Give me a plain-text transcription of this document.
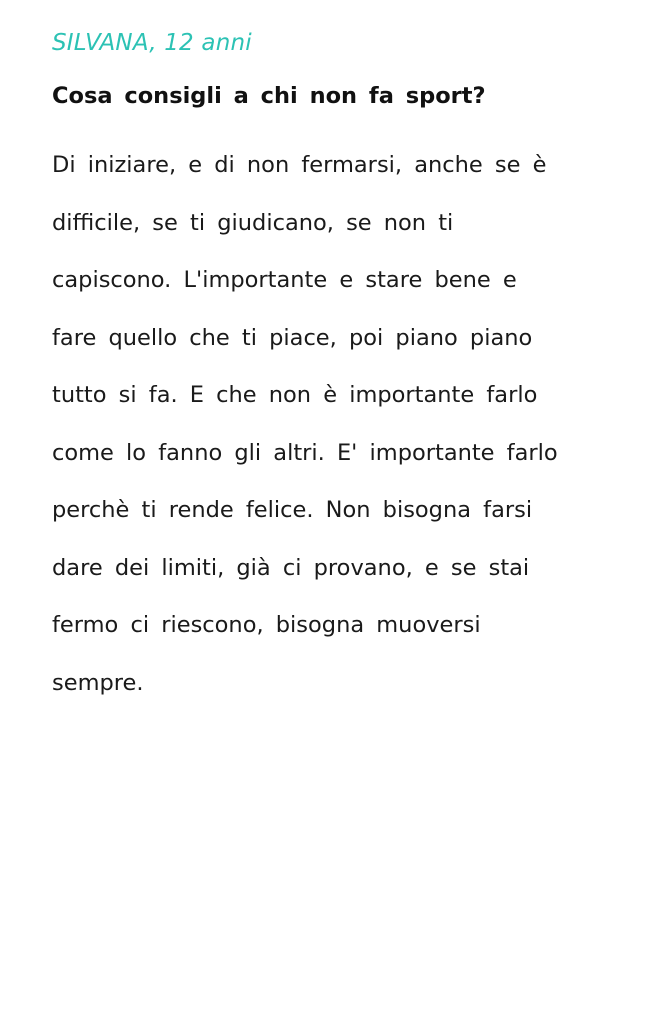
SILVANA, 12 anni
Cosa consigli a chi non fa sport?
Di iniziare, e di non fermarsi, anche se è
difficile, se ti giudicano, se non ti
capiscono. L'importante e stare bene e
fare quello che ti piace, poi piano piano
tutto si fa. E che non è importante farlo
come lo fanno gli altri. E' importante farlo
perchè ti rende felice. Non bisogna farsi
dare dei limiti, già ci provano, e se stai
fermo ci riescono, bisogna muoversi
sempre.
